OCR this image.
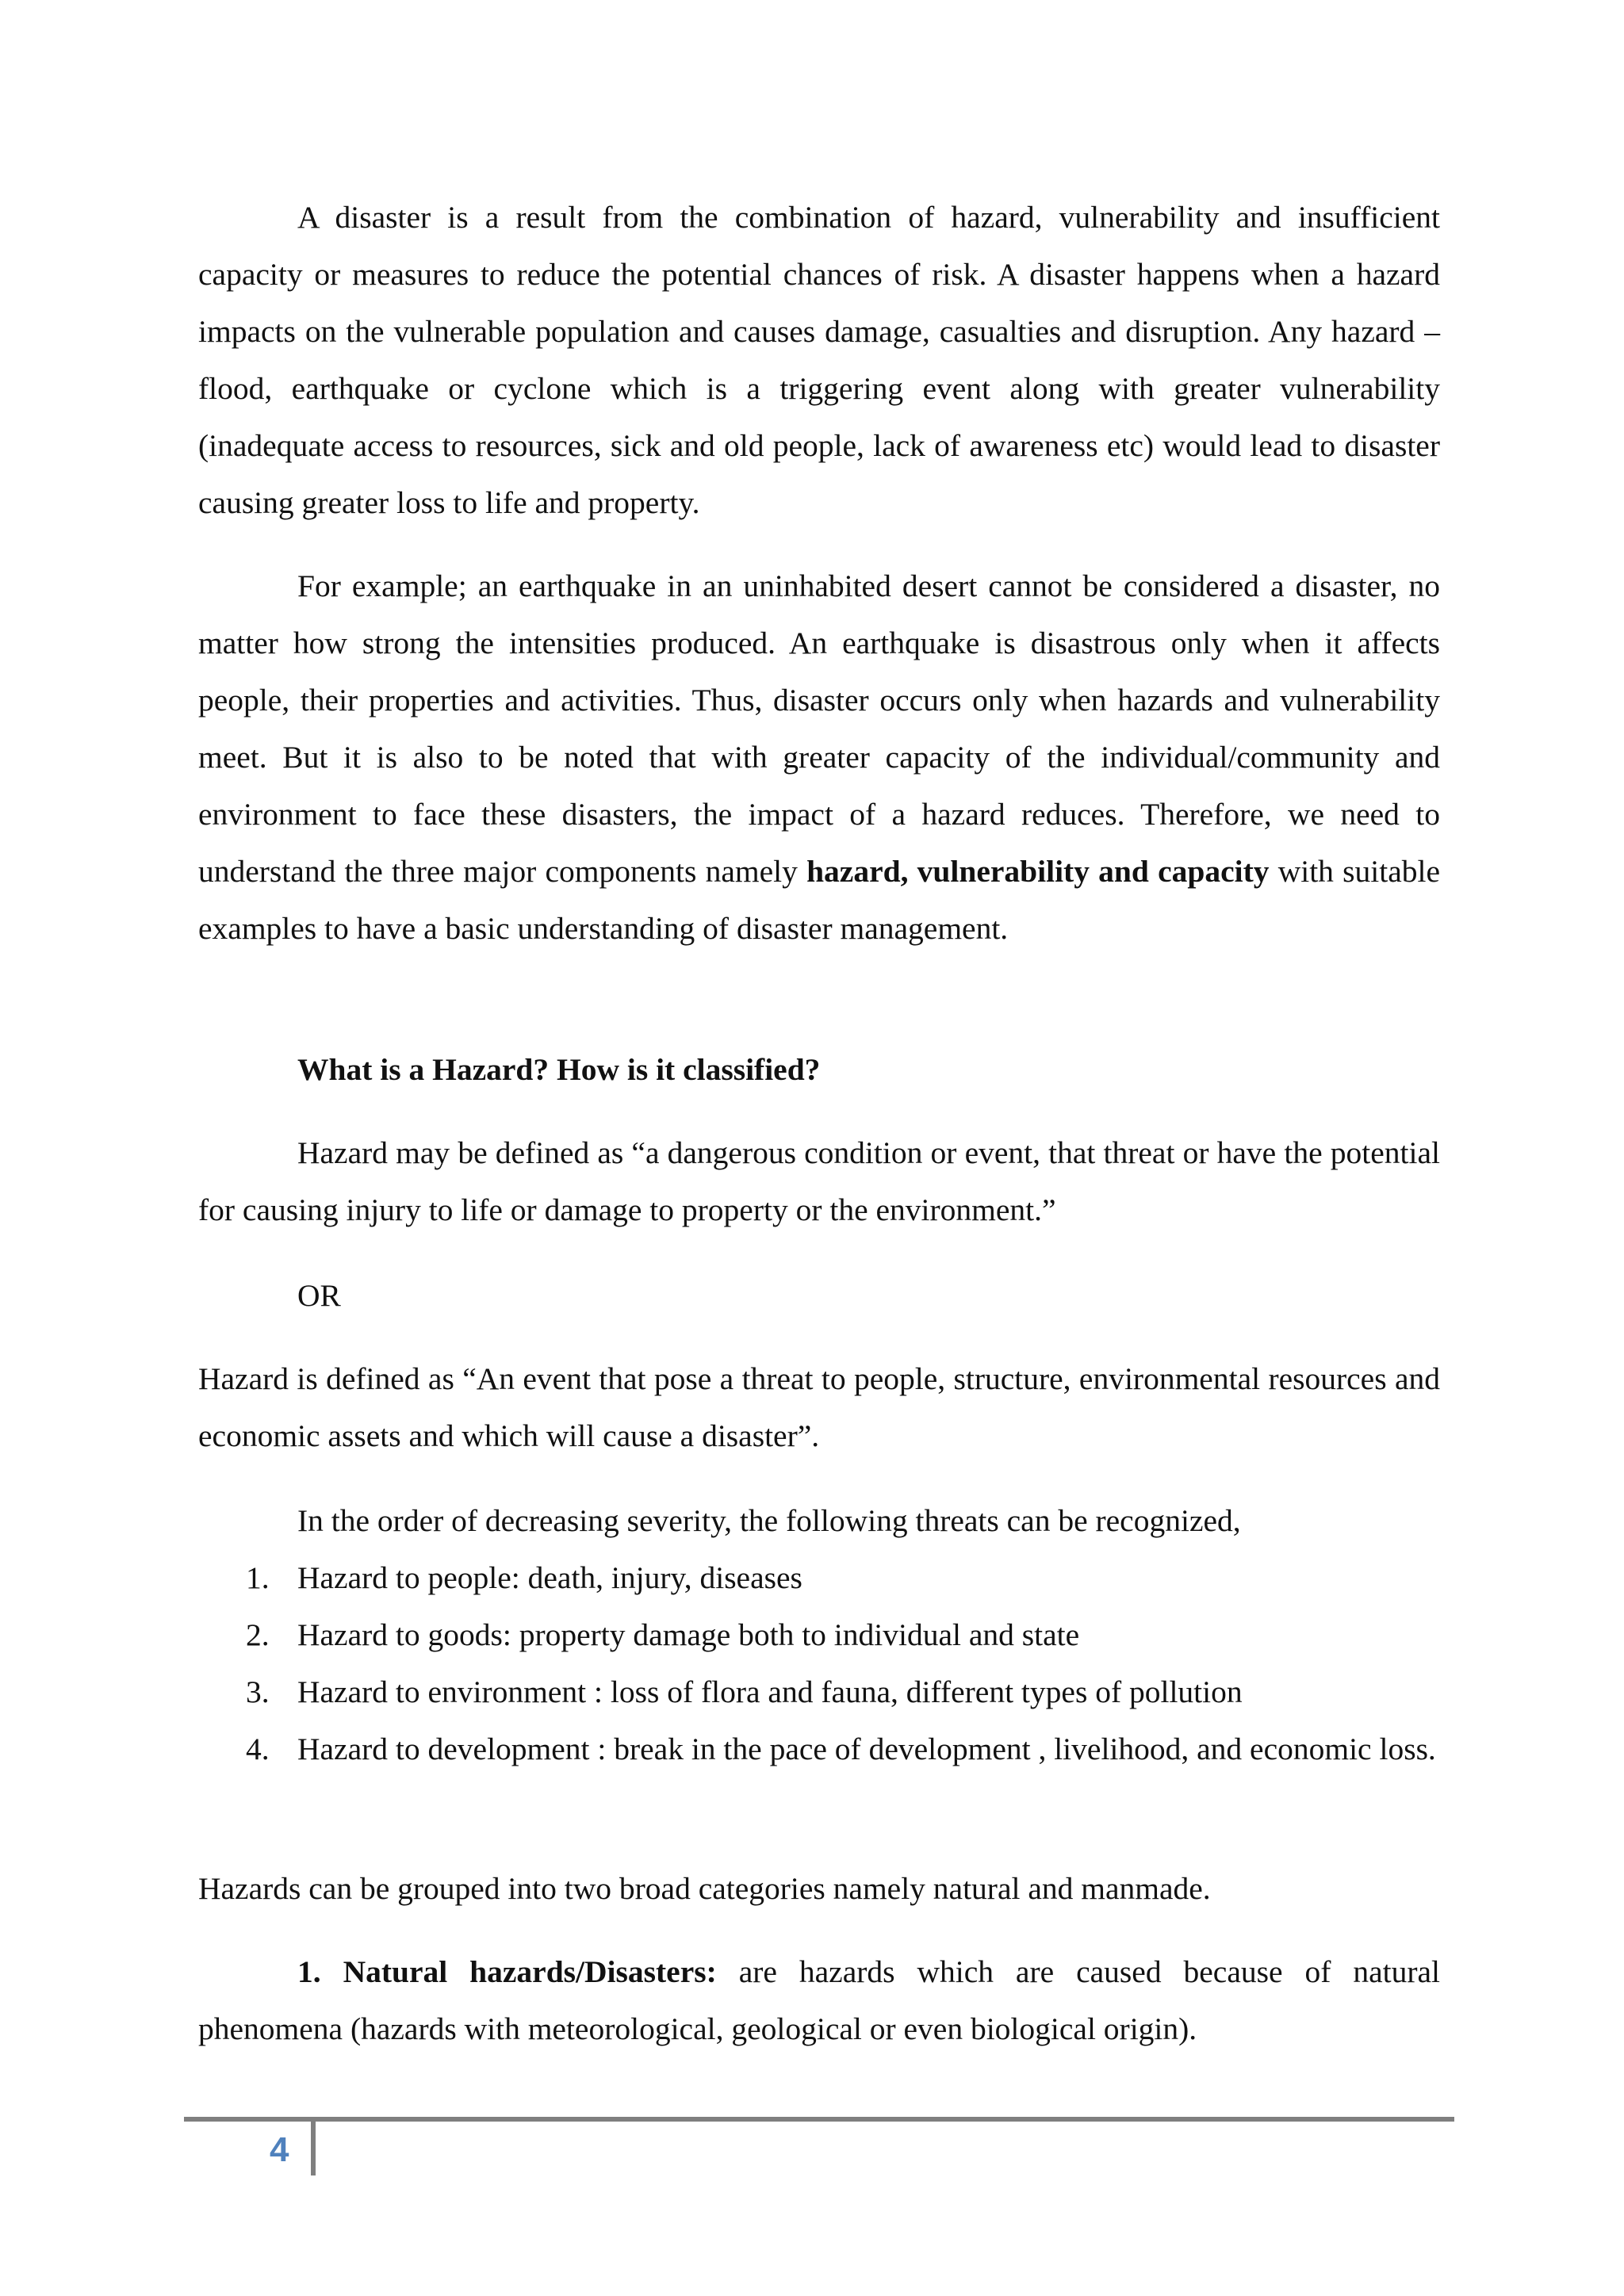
A disaster is a result from the combination of hazard, vulnerability and insufficient capacity or measures to reduce the potential chances of risk. A disaster happens when a hazard impacts on the vulnerable population and causes damage, casualties and disruption. Any hazard – flood, earthquake or cyclone which is a triggering event along with greater vulnerability (inadequate access to resources, sick and old people, lack of awareness etc) would lead to disaster causing greater loss to life and property.

For example; an earthquake in an uninhabited desert cannot be considered a disaster, no matter how strong the intensities produced. An earthquake is disastrous only when it affects people, their properties and activities. Thus, disaster occurs only when hazards and vulnerability meet. But it is also to be noted that with greater capacity of the individual/community and environment to face these disasters, the impact of a hazard reduces. Therefore, we need to understand the three major components namely hazard, vulnerability and capacity with suitable examples to have a basic understanding of disaster management.

What is a Hazard? How is it classified?

Hazard may be defined as “a dangerous condition or event, that threat or have the potential for causing injury to life or damage to property or the environment.”

OR

Hazard is defined as “An event that pose a threat to people, structure, environmental resources and economic assets and which will cause a disaster”.

In the order of decreasing severity, the following threats can be recognized,

1. Hazard to people: death, injury, diseases
2. Hazard to goods: property damage both to individual and state
3. Hazard to environment : loss of flora and fauna, different types of pollution
4. Hazard to development : break in the pace of development , livelihood, and economic loss.

Hazards can be grouped into two broad categories namely natural and manmade.

1. Natural hazards/Disasters: are hazards which are caused because of natural phenomena (hazards with meteorological, geological or even biological origin).

4
